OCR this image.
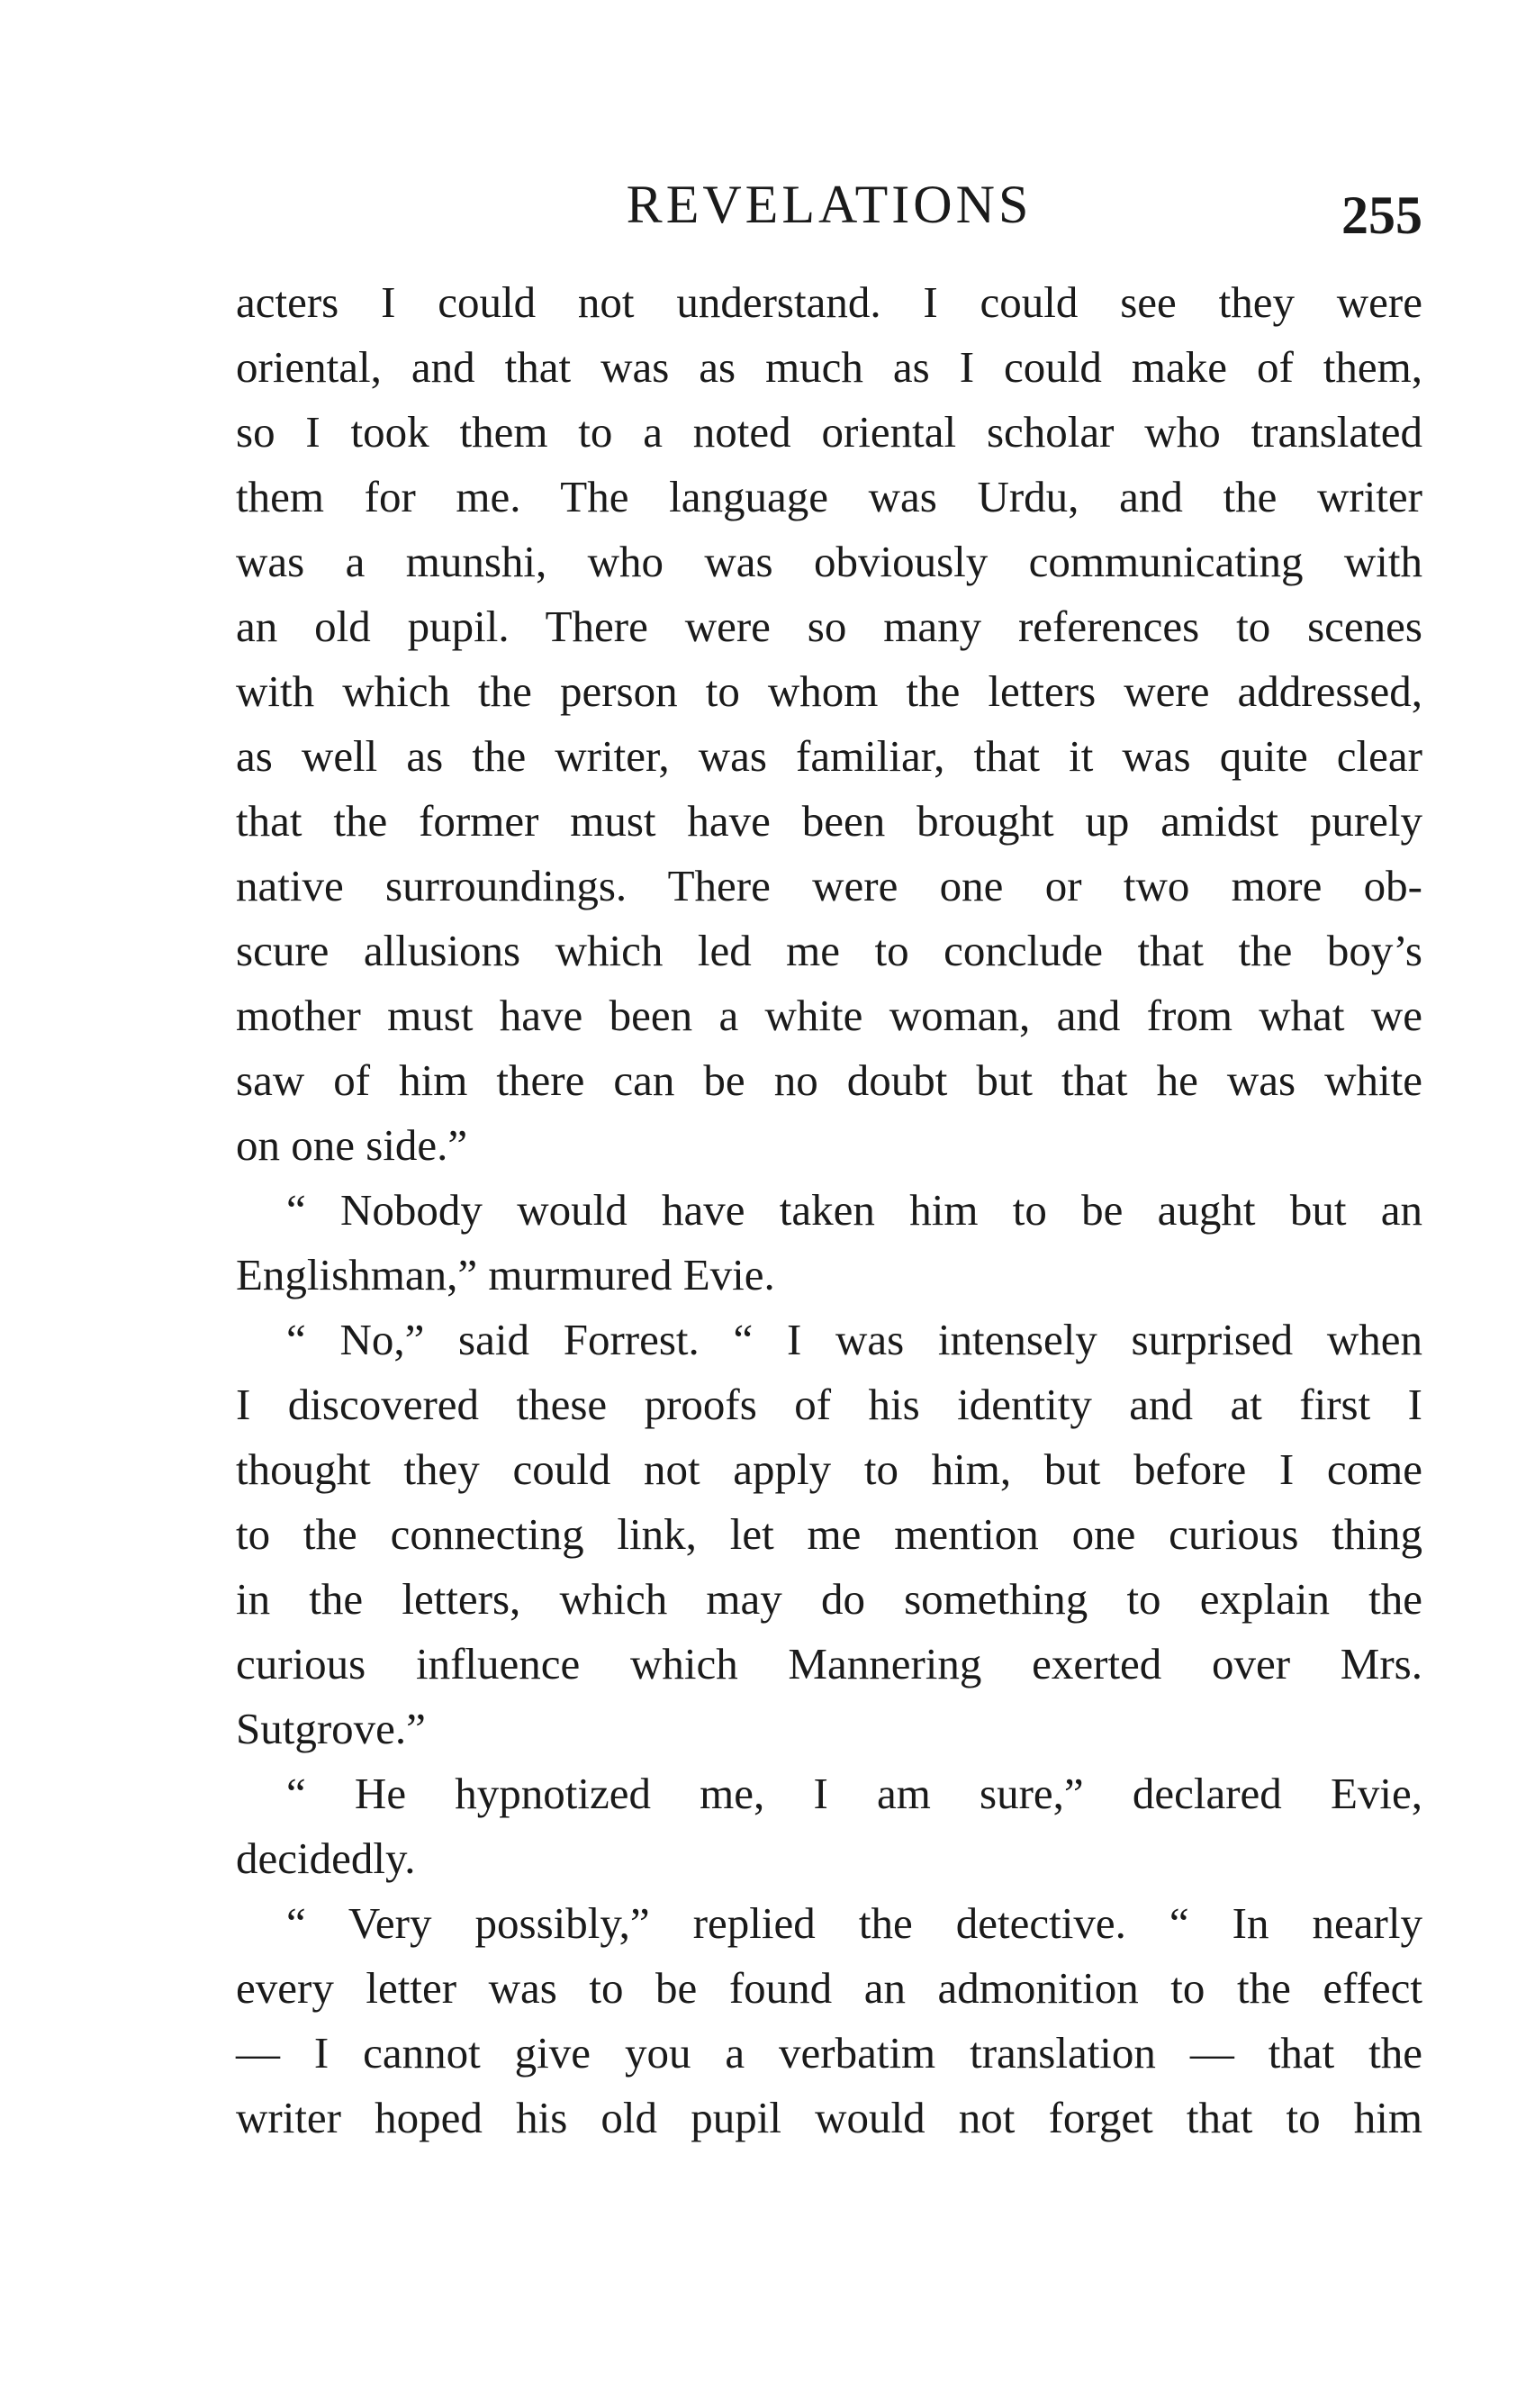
REVELATIONS	255
acters I could not understand. I could see they were
oriental, and that was as much as I could make of them,
so I took them to a noted oriental scholar who translated
them for me. The language was Urdu, and the writer
was a munshi, who was obviously communicating with
an old pupil. There were so many references to scenes
with which the person to whom the letters were addressed,
as well as the writer, was familiar, that it was quite clear
that the former must have been brought up amidst purely
native surroundings. There were one or two more ob-
scure allusions which led me to conclude that the boy’s
mother must have been a white woman, and from what we
saw of him there can be no doubt but that he was white
on one side.”
“ Nobody would have taken him to be aught but an
Englishman,” murmured Evie.
“ No,” said Forrest. “ I was intensely surprised when
I discovered these proofs of his identity and at first I
thought they could not apply to him, but before I come
to the connecting link, let me mention one curious thing
in the letters, which may do something to explain the
curious influence which Mannering exerted over Mrs.
Sutgrove.”
“ He hypnotized me, I am sure,” declared Evie,
decidedly.
“ Very possibly,” replied the detective. “ In nearly
every letter was to be found an admonition to the effect
— I cannot give you a verbatim translation — that the
writer hoped his old pupil would not forget that to him
